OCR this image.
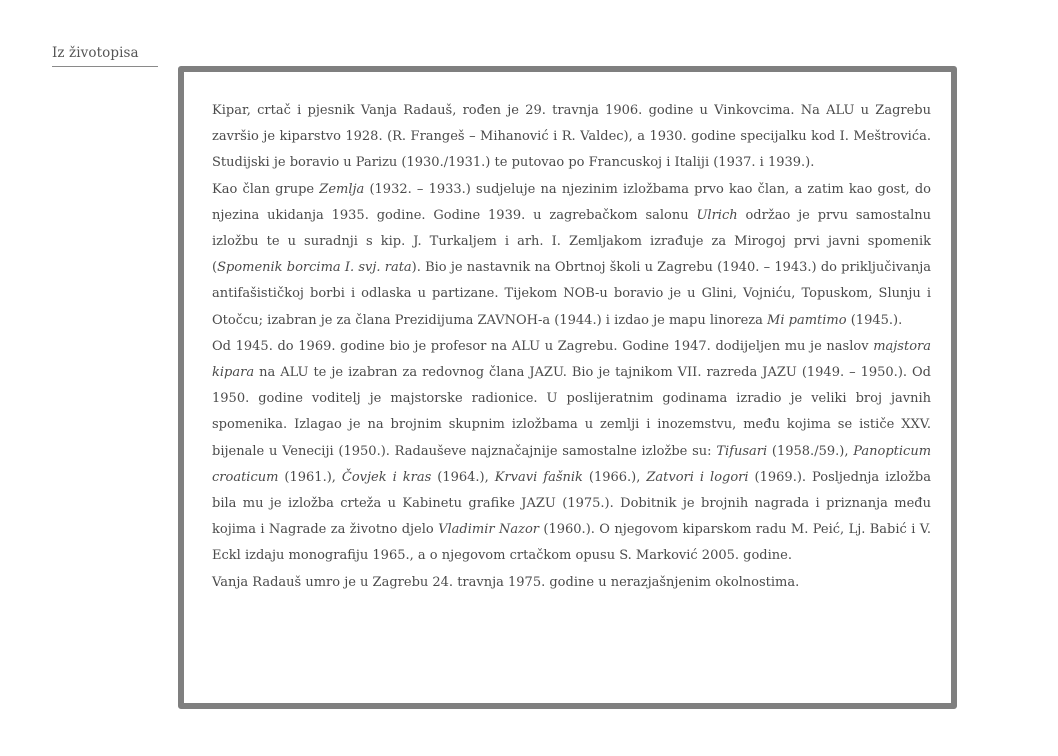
Iz životopisa

Kipar, crtač i pjesnik Vanja Radauš, rođen je 29. travnja 1906. godine u Vinkovcima. Na ALU u Zagrebu završio je kiparstvo 1928. (R. Frangeš – Mihanović i R. Valdec), a 1930. godine specijalku kod I. Meštrovića. Studijski je boravio u Parizu (1930./1931.) te putovao po Francuskoj i Italiji (1937. i 1939.).

Kao član grupe Zemlja (1932. – 1933.) sudjeluje na njezinim izložbama prvo kao član, a zatim kao gost, do njezina ukidanja 1935. godine. Godine 1939. u zagrebačkom salonu Ulrich održao je prvu samostalnu izložbu te u suradnji s kip. J. Turkaljem i arh. I. Zemljakom izrađuje za Mirogoj prvi javni spomenik (Spomenik borcima I. svj. rata). Bio je nastavnik na Obrtnoj školi u Zagrebu (1940. – 1943.) do priključivanja antifašističkoj borbi i odlaska u partizane. Tijekom NOB-u boravio je u Glini, Vojniću, Topuskom, Slunju i Otočcu; izabran je za člana Prezidijuma ZAVNOH-a (1944.) i izdao je mapu linoreza Mi pamtimo (1945.).

Od 1945. do 1969. godine bio je profesor na ALU u Zagrebu. Godine 1947. dodijeljen mu je naslov majstora kipara na ALU te je izabran za redovnog člana JAZU. Bio je tajnikom VII. razreda JAZU (1949. – 1950.). Od 1950. godine voditelj je majstorske radionice. U poslijeratnim godinama izradio je veliki broj javnih spomenika. Izlagao je na brojnim skupnim izložbama u zemlji i inozemstvu, među kojima se ističe XXV. bijenale u Veneciji (1950.). Radauševe najznačajnije samostalne izložbe su: Tifusari (1958./59.), Panopticum croaticum (1961.), Čovjek i kras (1964.), Krvavi fašnik (1966.), Zatvori i logori (1969.). Posljednja izložba bila mu je izložba crteža u Kabinetu grafike JAZU (1975.). Dobitnik je brojnih nagrada i priznanja među kojima i Nagrade za životno djelo Vladimir Nazor (1960.). O njegovom kiparskom radu M. Peić, Lj. Babić i V. Eckl izdaju monografiju 1965., a o njegovom crtačkom opusu S. Marković 2005. godine.

Vanja Radauš umro je u Zagrebu 24. travnja 1975. godine u nerazjašnjenim okolnostima.
